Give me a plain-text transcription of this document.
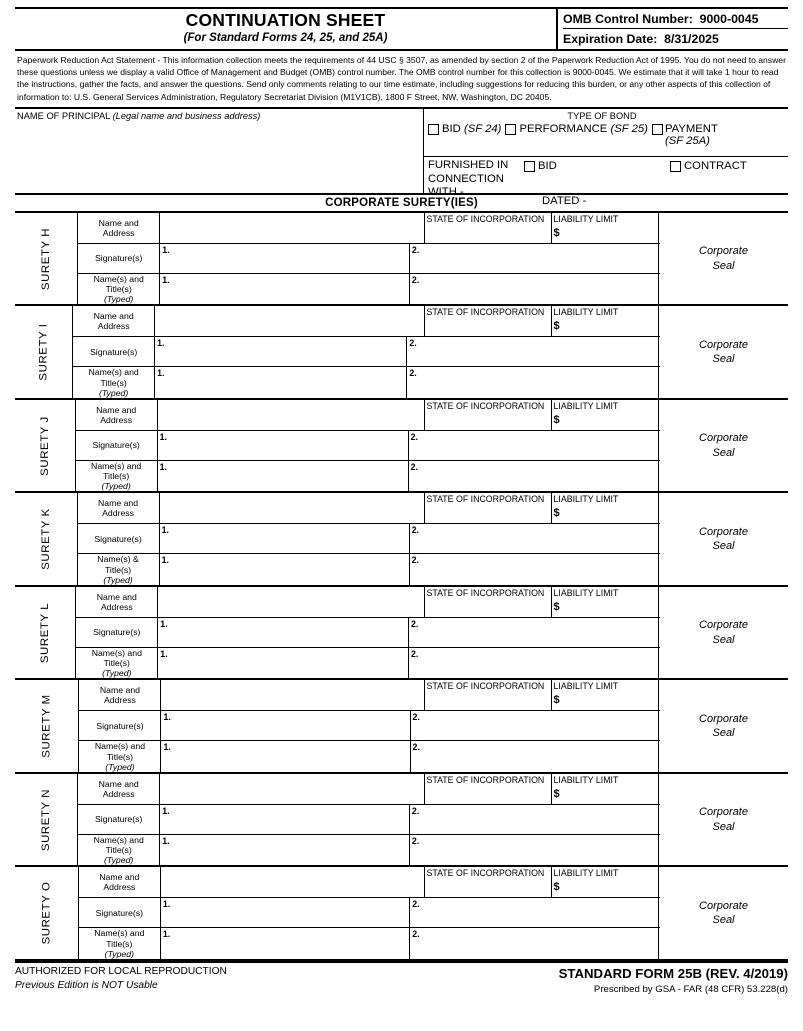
CONTINUATION SHEET
(For Standard Forms 24, 25, and 25A)
OMB Control Number:  9000-0045
Expiration Date:  8/31/2025
Paperwork Reduction Act Statement - This information collection meets the requirements of 44 USC § 3507, as amended by section 2 of the Paperwork Reduction Act of 1995. You do not need to answer these questions unless we display a valid Office of Management and Budget (OMB) control number. The OMB control number for this collection is 9000-0045. We estimate that it will take 1 hour to read the instructions, gather the facts, and answer the questions. Send only comments relating to our time estimate, including suggestions for reducing this burden, or any other aspects of this collection of information to: U.S. General Services Administration, Regulatory Secretariat Division (M1V1CB), 1800 F Street, NW, Washington, DC 20405.
NAME OF PRINCIPAL (Legal name and business address)	TYPE OF BOND
BID (SF 24) PERFORMANCE (SF 25) PAYMENT
(SF 25A)
FURNISHED IN CONNECTION WITH -
BID	CONTRACT
DATED -
CORPORATE SURETY(IES)
SURETY H
Name and
Address
STATE OF INCORPORATION	LIABILITY LIMIT
$
Signature(s)
1.	2.
Name(s) and
Title(s)
(Typed)
1.	2.
Corporate
Seal
SURETY I
Name and
Address
STATE OF INCORPORATION	LIABILITY LIMIT
$
Signature(s)
1.	2.
Name(s) and
Title(s)
(Typed)
1.	2.
Corporate
Seal
SURETY J
Name and
Address
STATE OF INCORPORATION	LIABILITY LIMIT
$
Signature(s)
1.	2.
Name(s) and
Title(s)
(Typed)
1.	2.
Corporate
Seal
SURETY K
Name and
Address
STATE OF INCORPORATION	LIABILITY LIMIT
$
Signature(s)
1.	2.
Name(s) &
Title(s)
(Typed)
1.	2.
Corporate
Seal
SURETY L
Name and
Address
STATE OF INCORPORATION	LIABILITY LIMIT
$
Signature(s)
1.	2.
Name(s) and
Title(s)
(Typed)
1.	2.
Corporate
Seal
SURETY M
Name and
Address
STATE OF INCORPORATION	LIABILITY LIMIT
$
Signature(s)
1.	2.
Name(s) and
Title(s)
(Typed)
1.	2.
Corporate
Seal
SURETY N
Name and
Address
STATE OF INCORPORATION	LIABILITY LIMIT
$
Signature(s)
1.	2.
Name(s) and
Title(s)
(Typed)
1.	2.
Corporate
Seal
SURETY O
Name and
Address
STATE OF INCORPORATION	LIABILITY LIMIT
$
Signature(s)
1.	2.
Name(s) and
Title(s)
(Typed)
1.	2.
Corporate
Seal
AUTHORIZED FOR LOCAL REPRODUCTION
Previous Edition is NOT Usable
STANDARD FORM 25B (REV. 4/2019)
Prescribed by GSA - FAR (48 CFR) 53.228(d)
